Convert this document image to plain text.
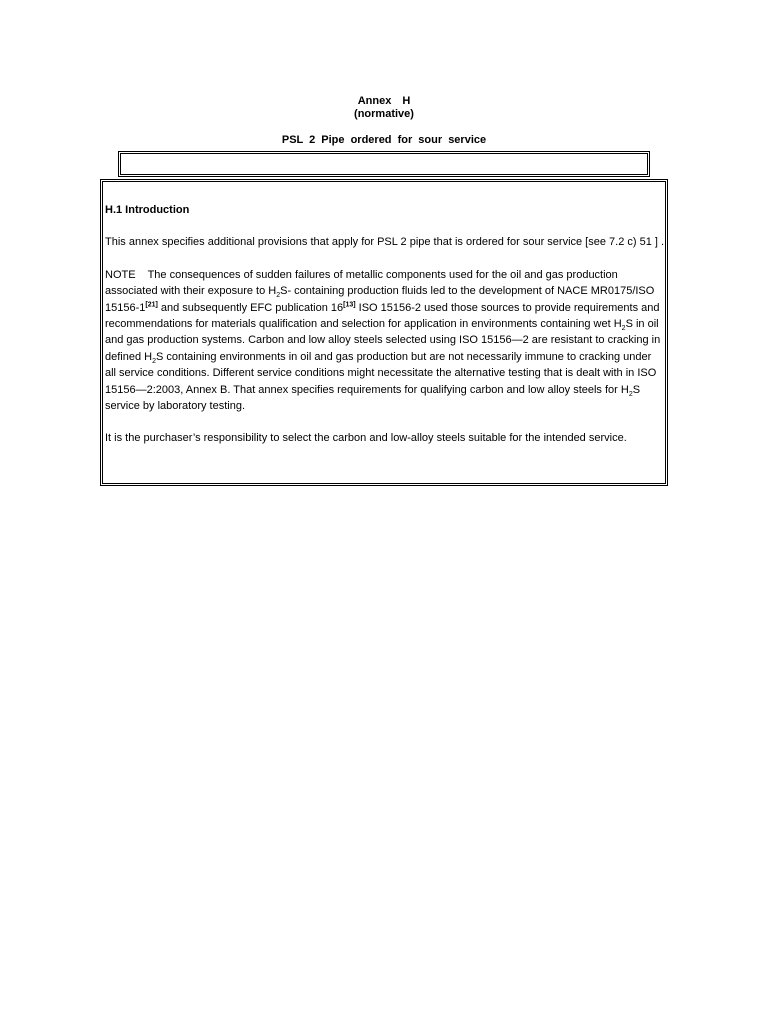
Annex H
(normative)
PSL 2 Pipe ordered for sour service

H.1 Introduction

This annex specifies additional provisions that apply for PSL 2 pipe that is ordered for sour service [see 7.2 c) 51 ] .

NOTE The consequences of sudden failures of metallic components used for the oil and gas production associated with their exposure to $H_2S-$ containing production fluids led to the development of NACE MR0175/ISO 15156-1[21] and subsequently EFC publication 16[13] ISO 15156-2 used those sources to provide requirements and recommendations for materials qualification and selection for application in environments containing wet $H_2S$ in oil and gas production systems. Carbon and low alloy steels selected using ISO 15156—2 are resistant to cracking in defined $H_2S$ containing environments in oil and gas production but are not necessarily immune to cracking under all service conditions. Different service conditions might necessitate the alternative testing that is dealt with in ISO 15156—2:2003, Annex B. That annex specifies requirements for qualifying carbon and low alloy steels for $H_2S$ service by laboratory testing.

It is the purchaser’s responsibility to select the carbon and low-alloy steels suitable for the intended service.
